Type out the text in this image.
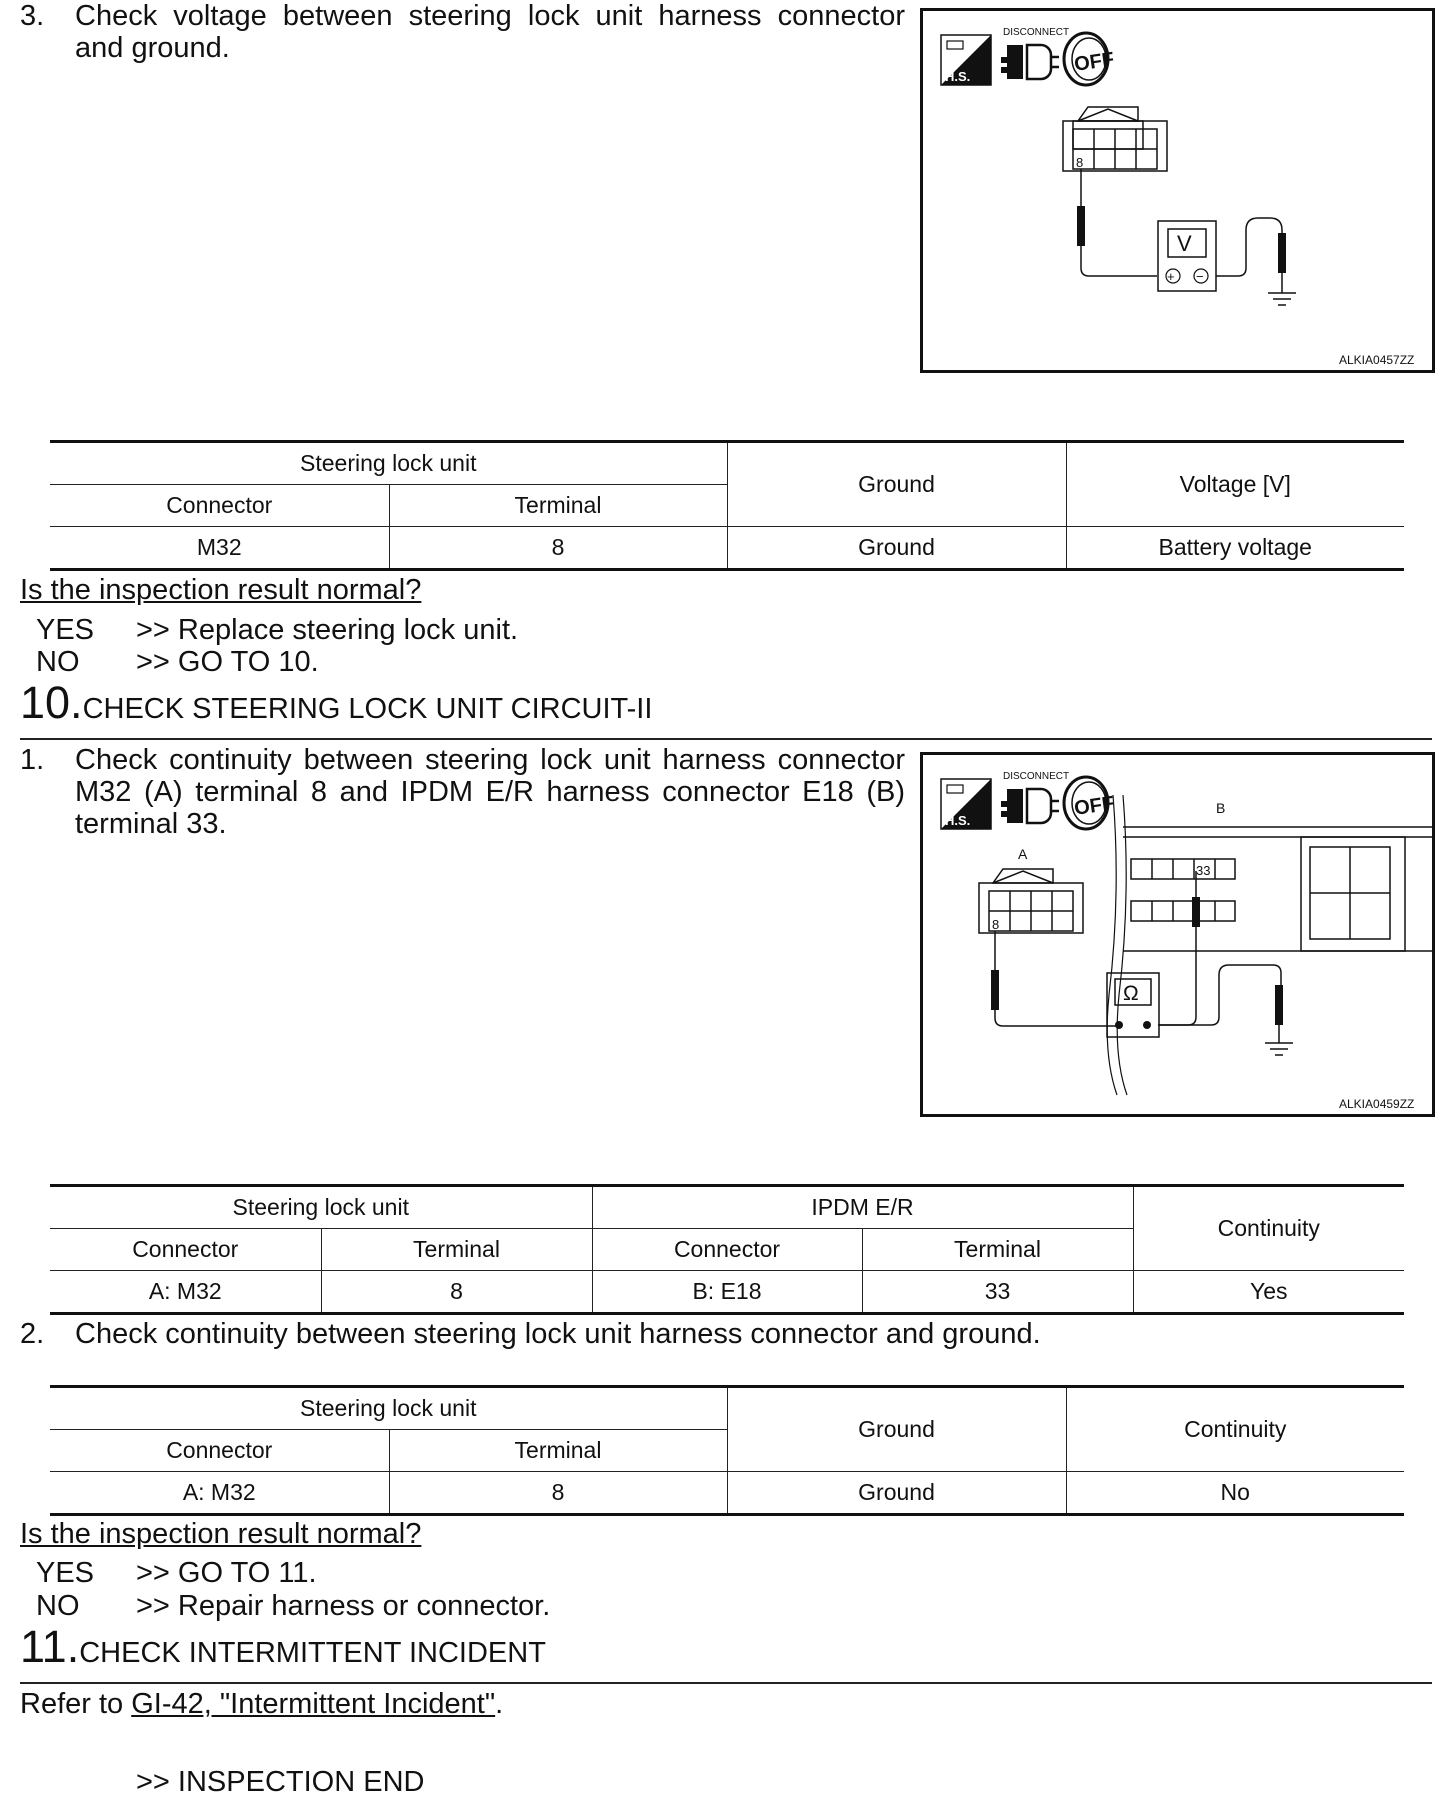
3. Check voltage between steering lock unit harness connector and ground.
H.S.
DISCONNECT
OFF
8
V
+ −
ALKIA0457ZZ
Steering lock unit		Ground	Voltage [V]
Connector	Terminal		
M32	8	Ground	Battery voltage
Is the inspection result normal?
YES >> Replace steering lock unit.
NO >> GO TO 10.
10.CHECK STEERING LOCK UNIT CIRCUIT-II
1. Check continuity between steering lock unit harness connector M32 (A) terminal 8 and IPDM E/R harness connector E18 (B) terminal 33.	H.S.
DISCONNECT
OFF	B
33
A
8
Ω
ALKIA0459ZZ
Steering lock unit		IPDM E/R		Continuity
Connector	Terminal	Connector	Terminal	
A: M32	8	B: E18	33	Yes
2. Check continuity between steering lock unit harness connector and ground.
Steering lock unit		Ground	Continuity
Connector	Terminal		
A: M32	8	Ground	No
Is the inspection result normal?
YES >> GO TO 11.
NO >> Repair harness or connector.
11.CHECK INTERMITTENT INCIDENT
Refer to GI-42, "Intermittent Incident".
>> INSPECTION END
